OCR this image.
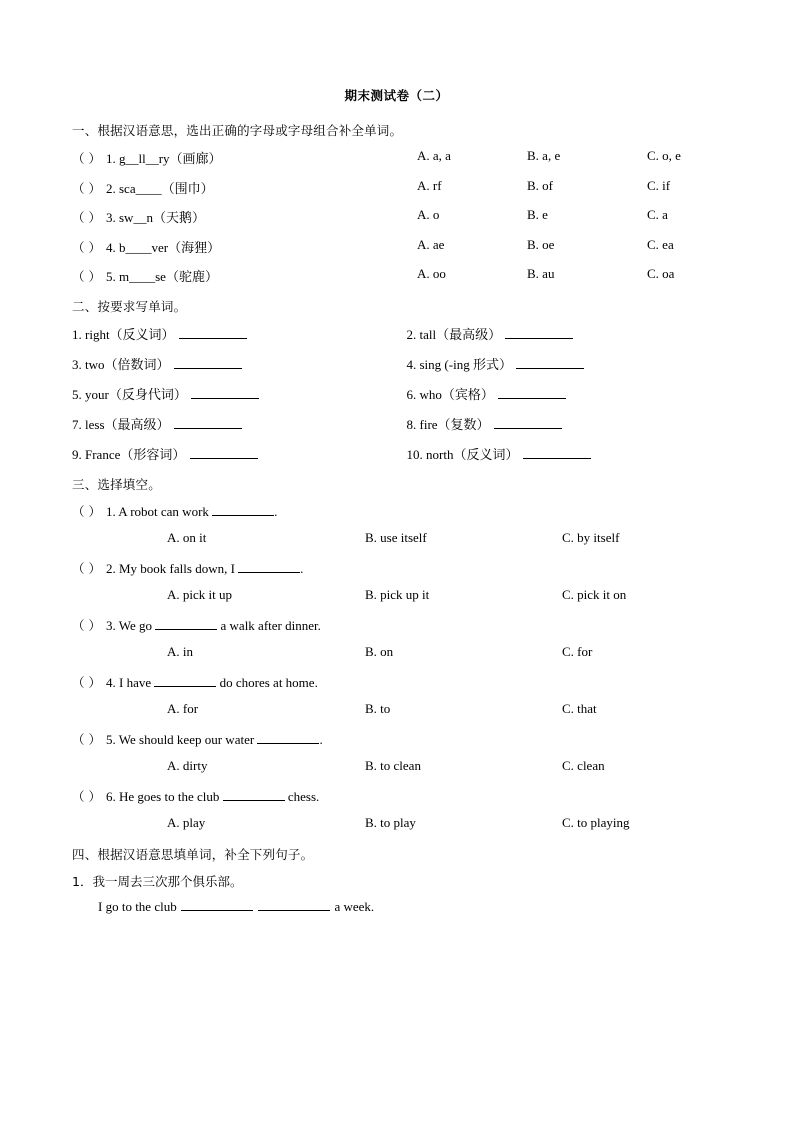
期末测试卷（二）
一、根据汉语意思，选出正确的字母或字母组合补全单词。
（ ） 1. g__ll__ry（画廊）	A. a, a	B. a, e	C. o, e
（ ） 2. sca____（围巾）	A. rf	B. of	C. if
（ ） 3. sw__n（天鹅）	A. o	B. e	C. a
（ ） 4. b____ver（海狸）	A. ae	B. oe	C. ea
（ ） 5. m____se（驼鹿）	A. oo	B. au	C. oa
二、按要求写单词。
1. right（反义词）	2. tall（最高级）
3. two（倍数词）	4. sing (-ing 形式）
5. your（反身代词）	6. who（宾格）
7. less（最高级）	8. fire（复数）
9. France（形容词）	10. north（反义词）
三、选择填空。
（ ） 1. A robot can work	.
A. on it	B. use itself	C. by itself
（ ） 2. My book falls down, I	.
A. pick it up	B. pick up it	C. pick it on
（ ） 3. We go	a walk after dinner.
A. in	B. on	C. for
（ ） 4. I have	do chores at home.
A. for	B. to	C. that
（ ） 5. We should keep our water	.
A. dirty	B. to clean	C. clean
（ ） 6. He goes to the club	chess.
A. play	B. to play	C. to playing
四、根据汉语意思填单词，补全下列句子。
1．我一周去三次那个俱乐部。
I go to the club	a week.
